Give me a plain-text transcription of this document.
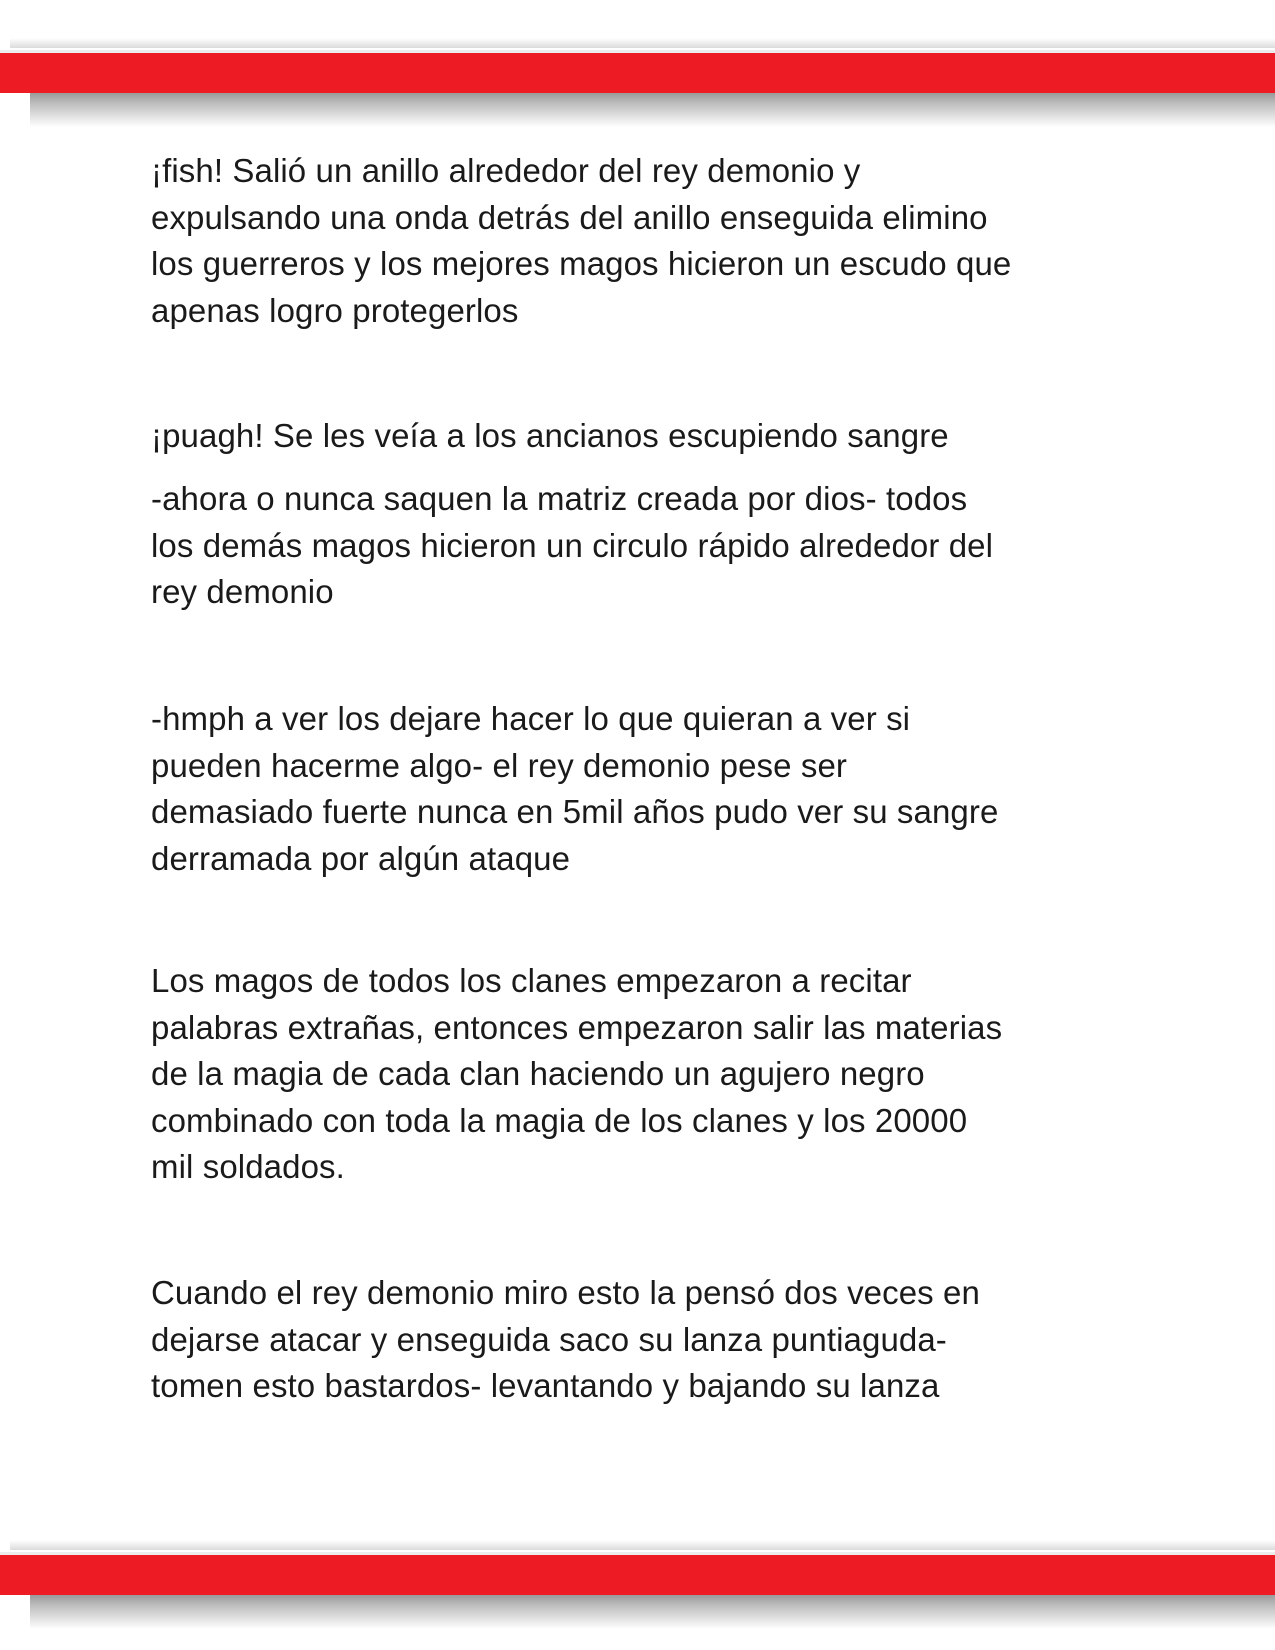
¡fish! Salió un anillo alrededor del rey demonio y
expulsando una onda detrás del anillo enseguida elimino
los guerreros y los mejores magos hicieron un escudo que
apenas logro protegerlos

¡puagh! Se les veía a los ancianos escupiendo sangre

-ahora o nunca saquen la matriz creada por dios- todos
los demás magos hicieron un circulo rápido alrededor del
rey demonio

-hmph a ver los dejare hacer lo que quieran a ver si
pueden hacerme algo- el rey demonio pese ser
demasiado fuerte nunca en 5mil años pudo ver su sangre
derramada por algún ataque

Los magos de todos los clanes empezaron a recitar
palabras extrañas, entonces empezaron salir las materias
de la magia de cada clan haciendo un agujero negro
combinado con toda la magia de los clanes y los 20000
mil soldados.

Cuando el rey demonio miro esto la pensó dos veces en
dejarse atacar y enseguida saco su lanza puntiaguda-
tomen esto bastardos- levantando y bajando su lanza
